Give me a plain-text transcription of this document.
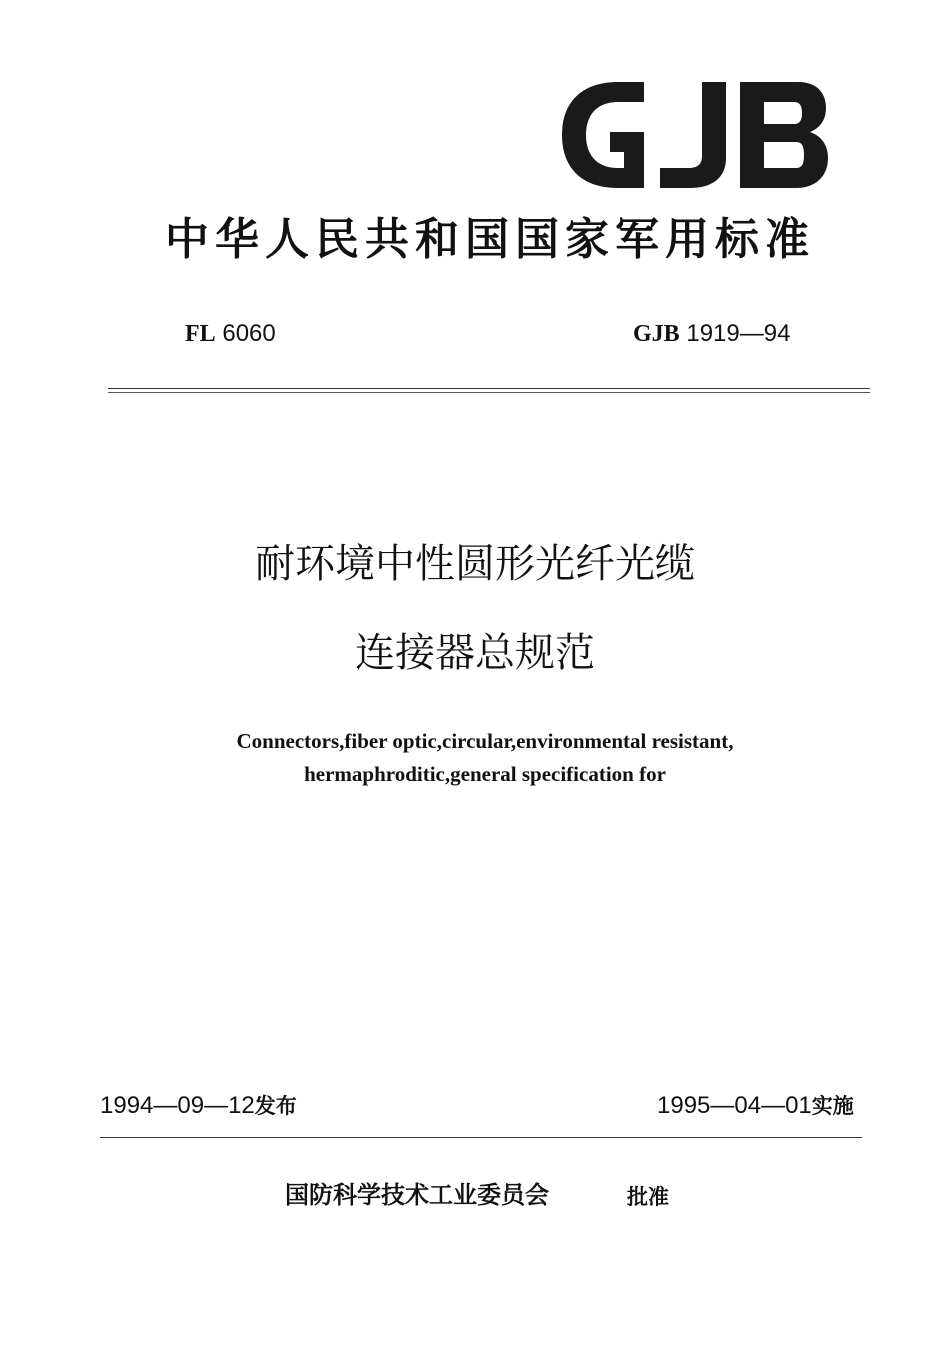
中华人民共和国国家军用标准
FL 6060	GJB 1919—94
耐环境中性圆形光纤光缆
连接器总规范
Connectors,fiber optic,circular,environmental resistant,
hermaphroditic,general specification for
1994—09—12发布	1995—04—01实施
国防科学技术工业委员会	批准
